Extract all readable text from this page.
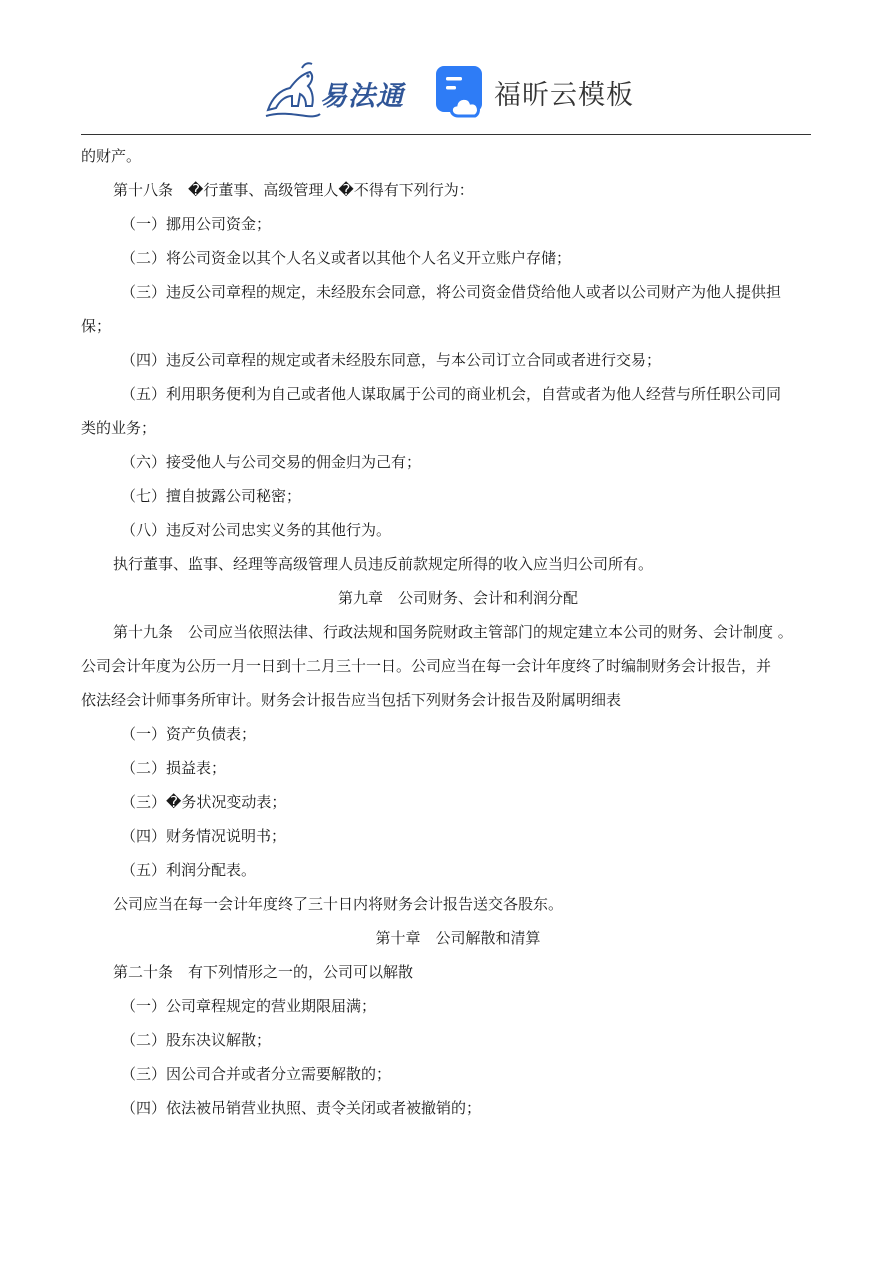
易法通	福昕云模板
的财产。
第十八条　�行董事、高级管理人�不得有下列行为：
（一）挪用公司资金；
（二）将公司资金以其个人名义或者以其他个人名义开立账户存储；
（三）违反公司章程的规定，未经股东会同意，将公司资金借贷给他人或者以公司财产为他人提供担
保；
（四）违反公司章程的规定或者未经股东同意，与本公司订立合同或者进行交易；
（五）利用职务便利为自己或者他人谋取属于公司的商业机会，自营或者为他人经营与所任职公司同
类的业务；
（六）接受他人与公司交易的佣金归为己有；
（七）擅自披露公司秘密；
（八）违反对公司忠实义务的其他行为。
执行董事、监事、经理等高级管理人员违反前款规定所得的收入应当归公司所有。
第九章　公司财务、会计和利润分配
第十九条　公司应当依照法律、行政法规和国务院财政主管部门的规定建立本公司的财务、会计制度 。
公司会计年度为公历一月一日到十二月三十一日。公司应当在每一会计年度终了时编制财务会计报告，并
依法经会计师事务所审计。财务会计报告应当包括下列财务会计报告及附属明细表
（一）资产负债表；
（二）损益表；
（三）�务状况变动表；
（四）财务情况说明书；
（五）利润分配表。
公司应当在每一会计年度终了三十日内将财务会计报告送交各股东。
第十章　公司解散和清算
第二十条　有下列情形之一的，公司可以解散
（一）公司章程规定的营业期限届满；
（二）股东决议解散；
（三）因公司合并或者分立需要解散的；
（四）依法被吊销营业执照、责令关闭或者被撤销的；
